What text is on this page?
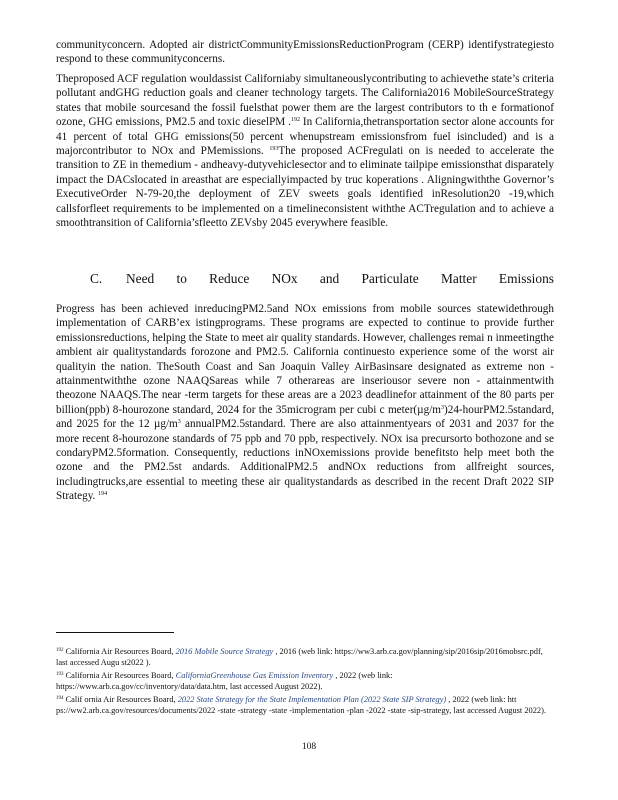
communityconcern. Adopted air districtCommunityEmissionsReductionProgram (CERP) identifystrategiesto respond to these communityconcerns.

Theproposed ACF regulation wouldassist Californiaby simultaneouslycontributing to achievethe state’s criteria pollutant andGHG reduction goals and cleaner technology targets. The California2016 MobileSourceStrategy states that mobile sourcesand the fossil fuelsthat power them are the largest contributors to th e formationof ozone, GHG emissions, PM2.5 and toxic dieselPM .$^{192}$ In California,thetransportation sector alone accounts for 41 percent of total GHG emissions(50 percent whenupstream emissionsfrom fuel isincluded) and is a majorcontributor to NOx and PMemissions. $^{193}$The proposed ACFregulati on is needed to accelerate the transition to ZE in themedium - andheavy-dutyvehiclesector and to eliminate tailpipe emissionsthat disparately impact the DACslocated in areasthat are especiallyimpacted by truc koperations . Aligningwiththe Governor’s ExecutiveOrder N-79-20,the deployment of ZEV sweets goals identified inResolution20 -19,which callsforfleet requirements to be implemented on a timelineconsistent withthe ACTregulation and to achieve a smoothtransition of California’sfleetto ZEVsby 2045 everywhere feasible.

C.	Need to Reduce NOx and Particulate Matter Emissions

Progress has been achieved inreducingPM2.5and NOx emissions from mobile sources statewidethrough implementation of CARB’ex istingprograms. These programs are expected to continue to provide further emissionsreductions, helping the State to meet air quality standards. However, challenges remai n inmeetingthe ambient air qualitystandards forozone and PM2.5. California continuesto experience some of the worst air qualityin the nation. TheSouth Coast and San Joaquin Valley AirBasinsare designated as extreme non - attainmentwiththe ozone NAAQSareas while 7 otherareas are inseriousor severe non - attainmentwith theozone NAAQS.The near -term targets for these areas are a 2023 deadlinefor attainment of the 80 parts per billion(ppb) 8-hourozone standard, 2024 for the 35microgram per cubi c $meter(\mu g/m^3)24-hourPM2.5standard$, and 2025 for the 12 $\mu g/m^3$ annualPM2.5standard. There are also attainmentyears of 2031 and 2037 for the more recent 8-hourozone standards of 75 ppb and 70 ppb, respectively. NOx isa precursorto bothozone and se condaryPM2.5formation. Consequently, reductions inNOxemissions provide benefitsto help meet both the ozone and the PM2.5st andards. AdditionalPM2.5 andNOx reductions from allfreight sources, includingtrucks,are essential to meeting these air qualitystandards as described in the recent Draft 2022 SIP Strategy. $^{194}$

$^{192}$ California Air Resources Board, 2016 Mobile Source Strategy , 2016 (web link: https://ww3.arb.ca.gov/planning/sip/2016sip/2016mobsrc.pdf, last accessed Augu st2022 ).

$^{193}$ California Air Resources Board, CaliforniaGreenhouse Gas Emission Inventory , 2022 (web link: https://www.arb.ca.gov/cc/inventory/data/data.htm, last accessed August 2022).

$^{194}$ Calif ornia Air Resources Board, 2022 State Strategy for the State Implementation Plan (2022 State SIP Strategy) , 2022 (web link: htt ps://ww2.arb.ca.gov/resources/documents/2022 -state -strategy -state -implementation -plan -2022 -state -sip-strategy, last accessed August 2022).

108
